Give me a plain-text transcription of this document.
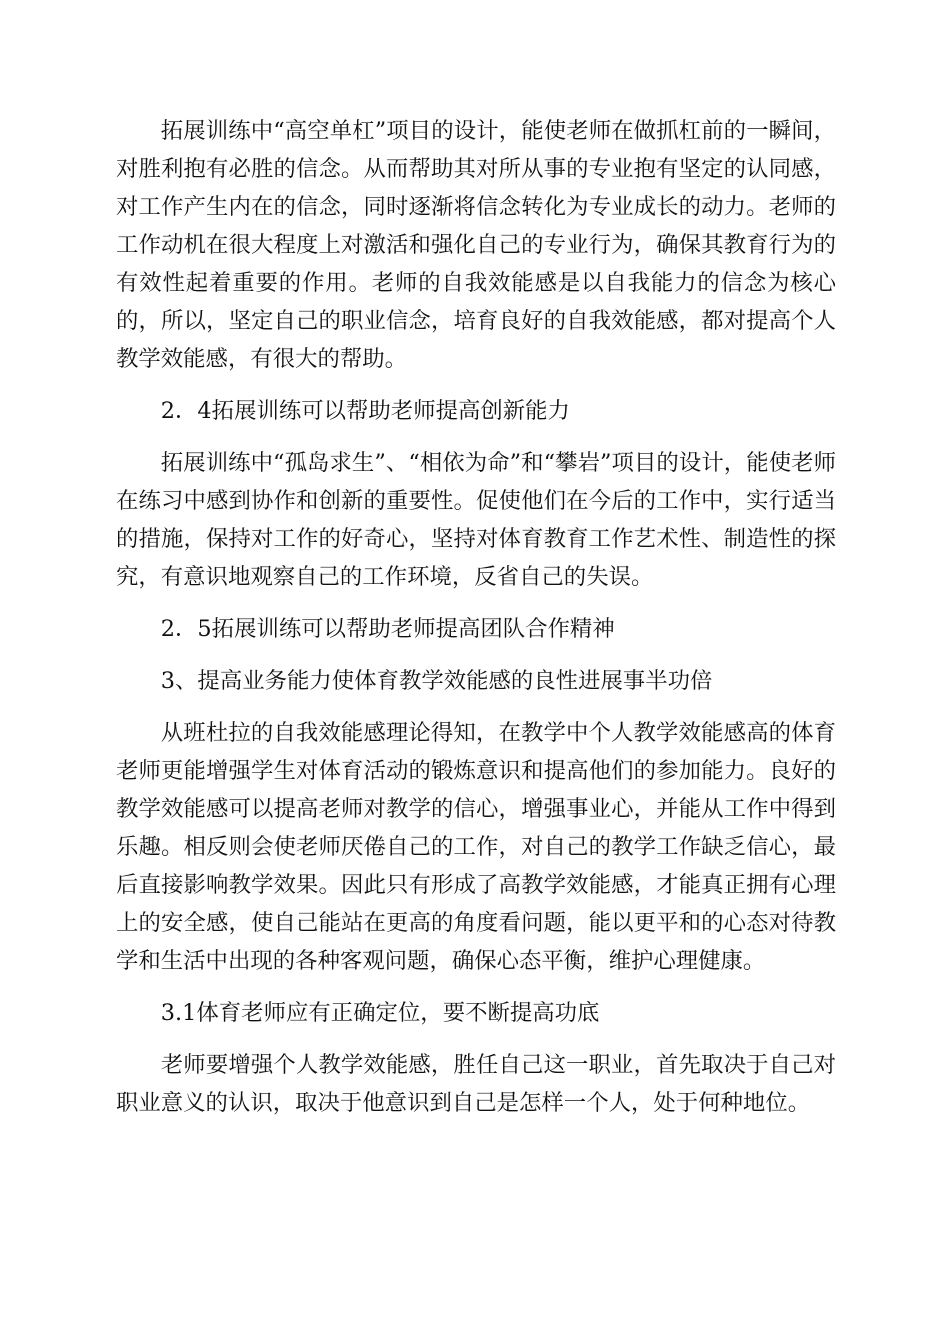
拓展训练中“高空单杠”项目的设计，能使老师在做抓杠前的一瞬间，对胜利抱有必胜的信念。从而帮助其对所从事的专业抱有坚定的认同感，对工作产生内在的信念，同时逐渐将信念转化为专业成长的动力。老师的工作动机在很大程度上对激活和强化自己的专业行为，确保其教育行为的有效性起着重要的作用。老师的自我效能感是以自我能力的信念为核心的，所以，坚定自己的职业信念，培育良好的自我效能感，都对提高个人教学效能感，有很大的帮助。

2．4拓展训练可以帮助老师提高创新能力

拓展训练中“孤岛求生”、“相依为命”和“攀岩”项目的设计，能使老师在练习中感到协作和创新的重要性。促使他们在今后的工作中，实行适当的措施，保持对工作的好奇心，坚持对体育教育工作艺术性、制造性的探究，有意识地观察自己的工作环境，反省自己的失误。

2．5拓展训练可以帮助老师提高团队合作精神

3、提高业务能力使体育教学效能感的良性进展事半功倍

从班杜拉的自我效能感理论得知，在教学中个人教学效能感高的体育老师更能增强学生对体育活动的锻炼意识和提高他们的参加能力。良好的教学效能感可以提高老师对教学的信心，增强事业心，并能从工作中得到乐趣。相反则会使老师厌倦自己的工作，对自己的教学工作缺乏信心，最后直接影响教学效果。因此只有形成了高教学效能感，才能真正拥有心理上的安全感，使自己能站在更高的角度看问题，能以更平和的心态对待教学和生活中出现的各种客观问题，确保心态平衡，维护心理健康。

3.1体育老师应有正确定位，要不断提高功底

老师要增强个人教学效能感，胜任自己这一职业，首先取决于自己对职业意义的认识，取决于他意识到自己是怎样一个人，处于何种地位。
